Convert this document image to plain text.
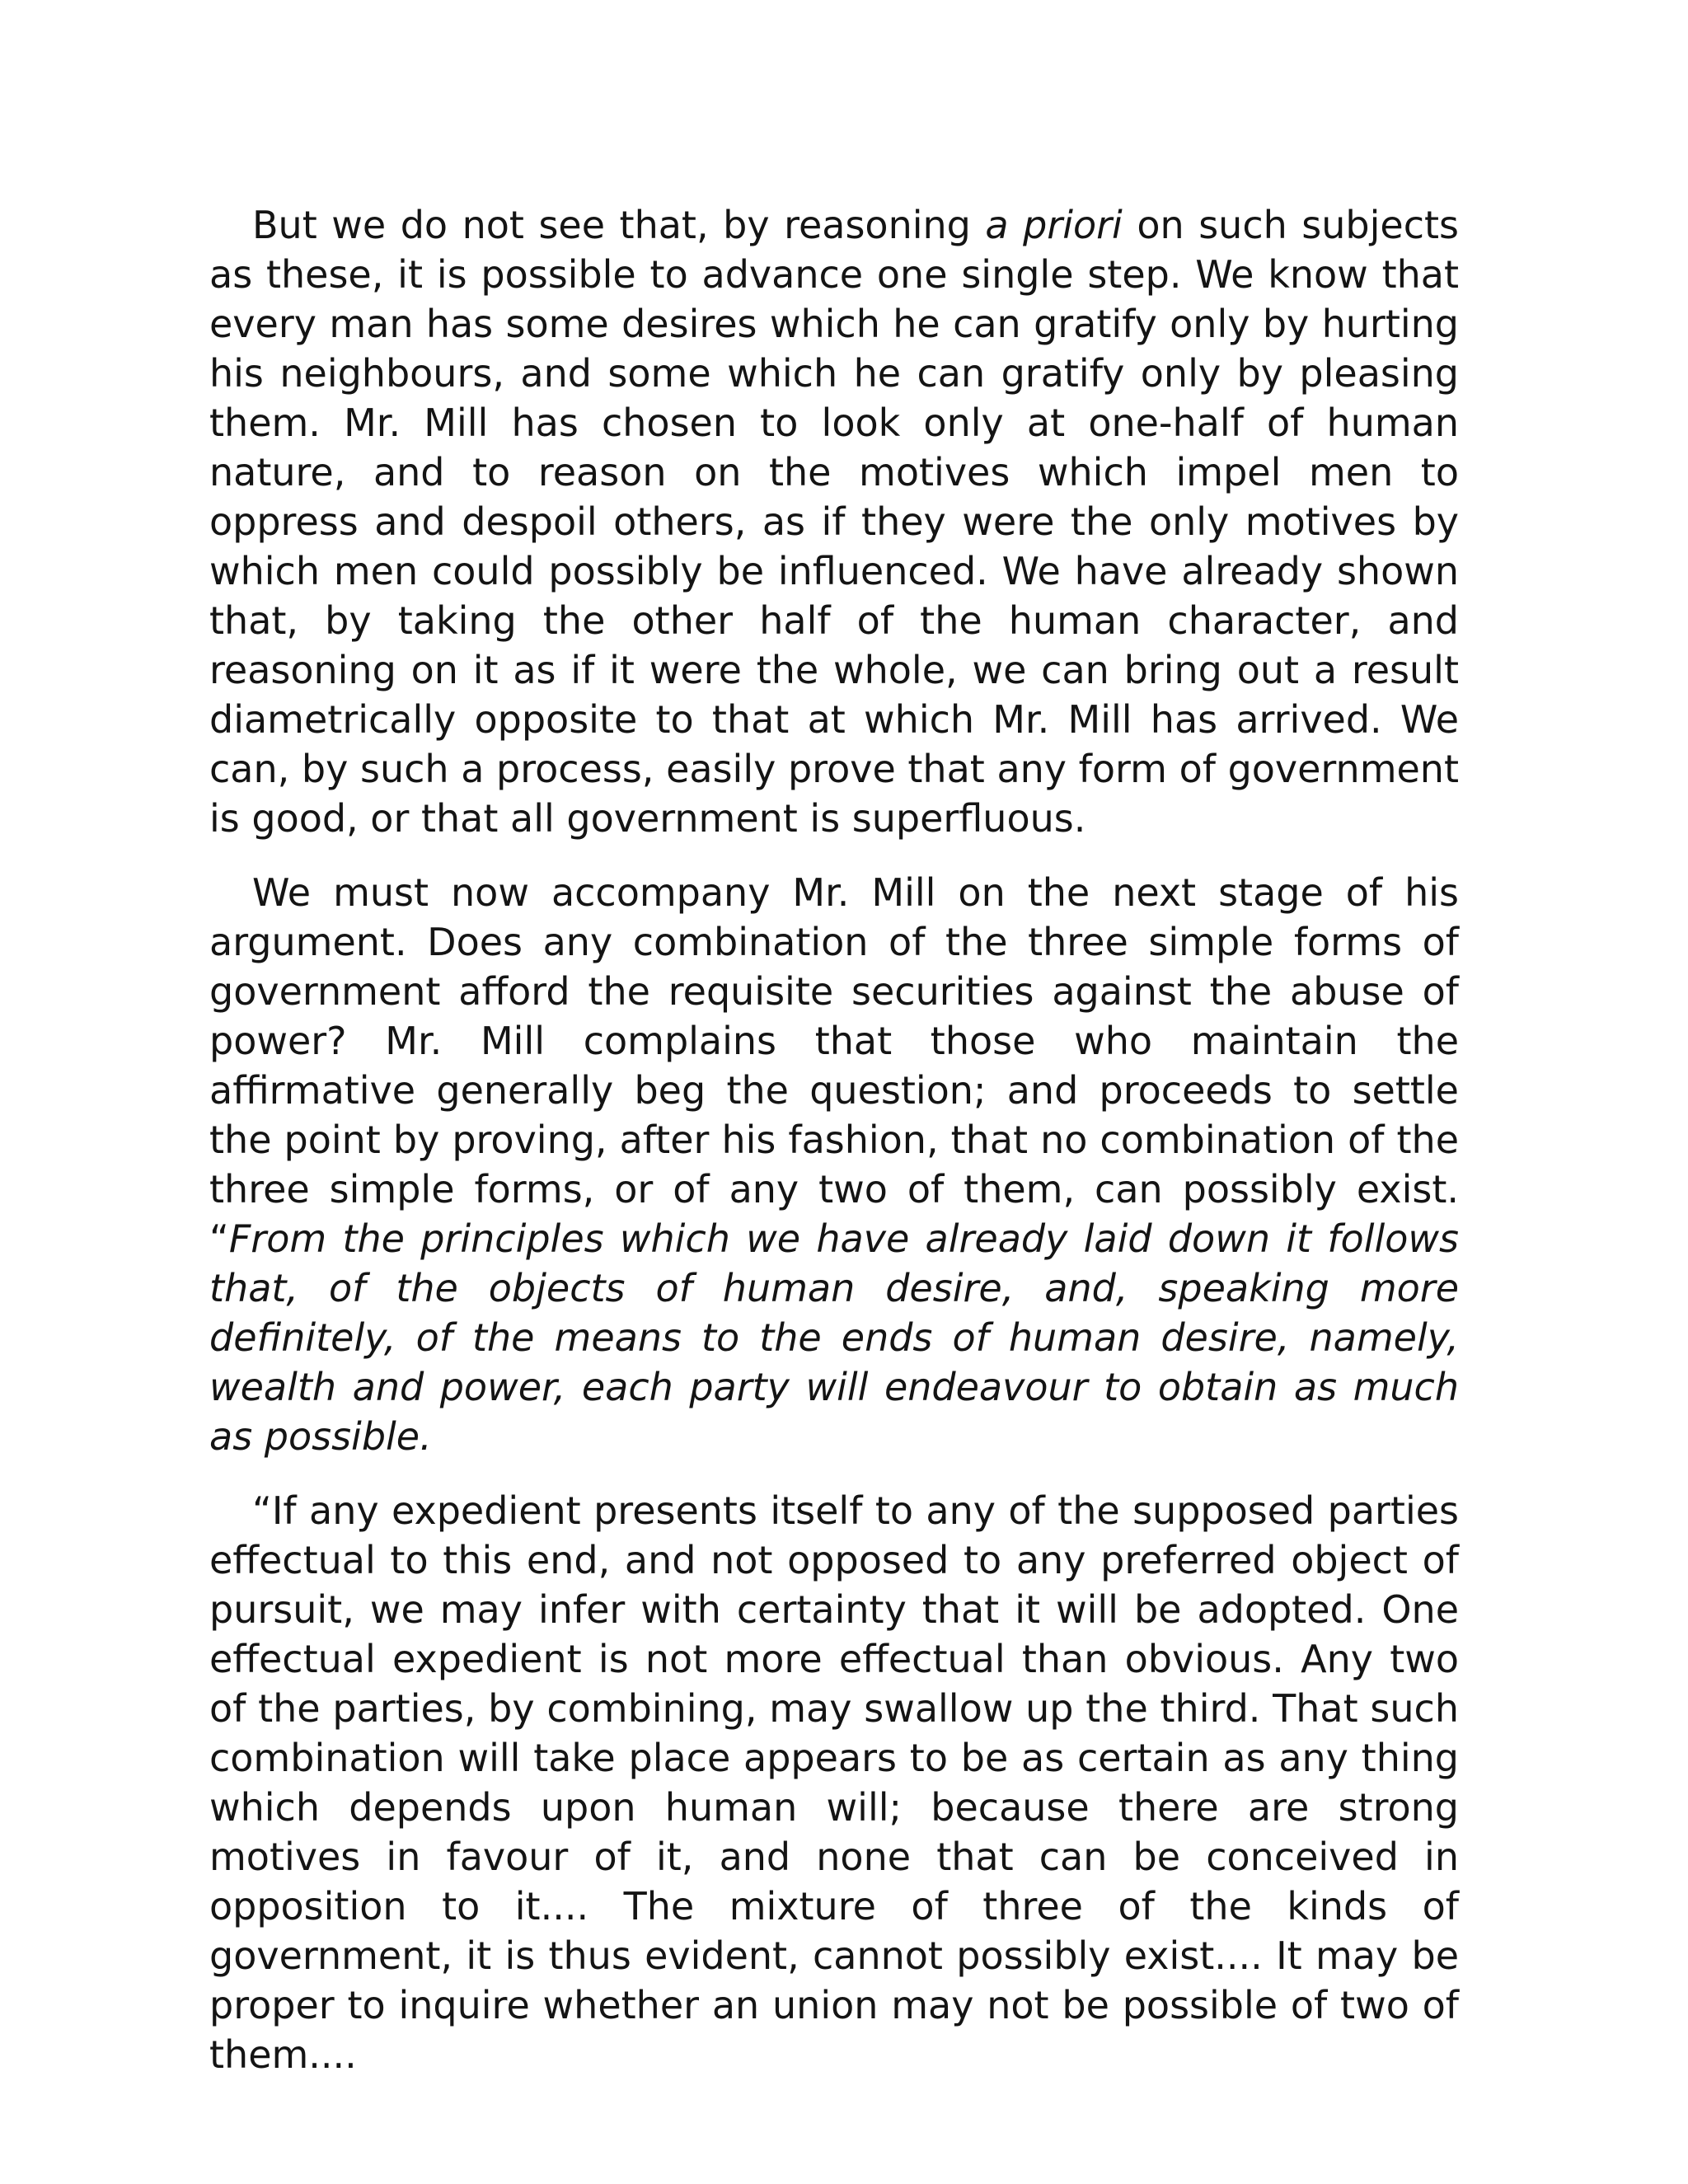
But we do not see that, by reasoning a priori on such subjects as these, it is possible to advance one single step. We know that every man has some desires which he can gratify only by hurting his neighbours, and some which he can gratify only by pleasing them. Mr. Mill has chosen to look only at one-half of human nature, and to reason on the motives which impel men to oppress and despoil others, as if they were the only motives by which men could possibly be influenced. We have already shown that, by taking the other half of the human character, and reasoning on it as if it were the whole, we can bring out a result diametrically opposite to that at which Mr. Mill has arrived. We can, by such a process, easily prove that any form of government is good, or that all government is superfluous.

We must now accompany Mr. Mill on the next stage of his argument. Does any combination of the three simple forms of government afford the requisite securities against the abuse of power? Mr. Mill complains that those who maintain the affirmative generally beg the question; and proceeds to settle the point by proving, after his fashion, that no combination of the three simple forms, or of any two of them, can possibly exist. “From the principles which we have already laid down it follows that, of the objects of human desire, and, speaking more definitely, of the means to the ends of human desire, namely, wealth and power, each party will endeavour to obtain as much as possible.

“If any expedient presents itself to any of the supposed parties effectual to this end, and not opposed to any preferred object of pursuit, we may infer with certainty that it will be adopted. One effectual expedient is not more effectual than obvious. Any two of the parties, by combining, may swallow up the third. That such combination will take place appears to be as certain as any thing which depends upon human will; because there are strong motives in favour of it, and none that can be conceived in opposition to it.... The mixture of three of the kinds of government, it is thus evident, cannot possibly exist.... It may be proper to inquire whether an union may not be possible of two of them....
